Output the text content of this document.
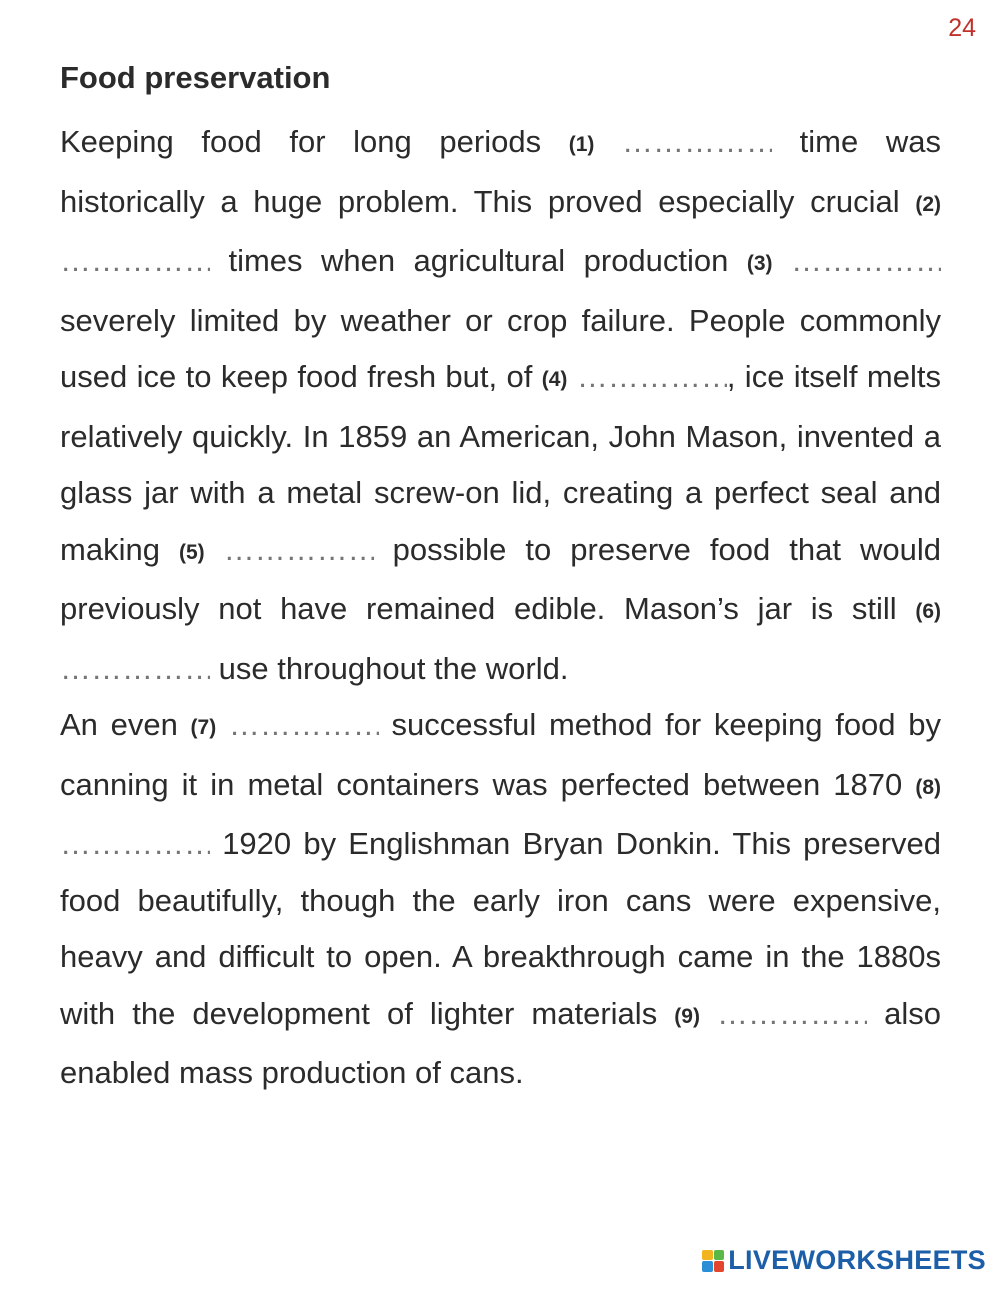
24
Food preservation

Keeping food for long periods (1) ……………	time was historically a huge problem. This proved especially crucial (2) …………… times when agricultural production (3) …………… severely limited by weather or crop failure. People commonly used ice to keep food fresh but, of (4) ……………	, ice itself melts relatively quickly. In 1859 an American, John Mason, invented a glass jar with a metal screw-on lid, creating a perfect seal and making (5) ……………	possible to preserve food that would previously not have remained edible. Mason’s jar is still (6) …………… use throughout the world.

An even (7) ……………	successful method for keeping food by canning it in metal containers was perfected between 1870 (8) …………… 1920 by Englishman Bryan Donkin. This preserved food beautifully, though the early iron cans were expensive, heavy and difficult to open. A breakthrough came in the 1880s with the development of lighter materials (9) ……………	also enabled mass production of cans.

LIVEWORKSHEETS
